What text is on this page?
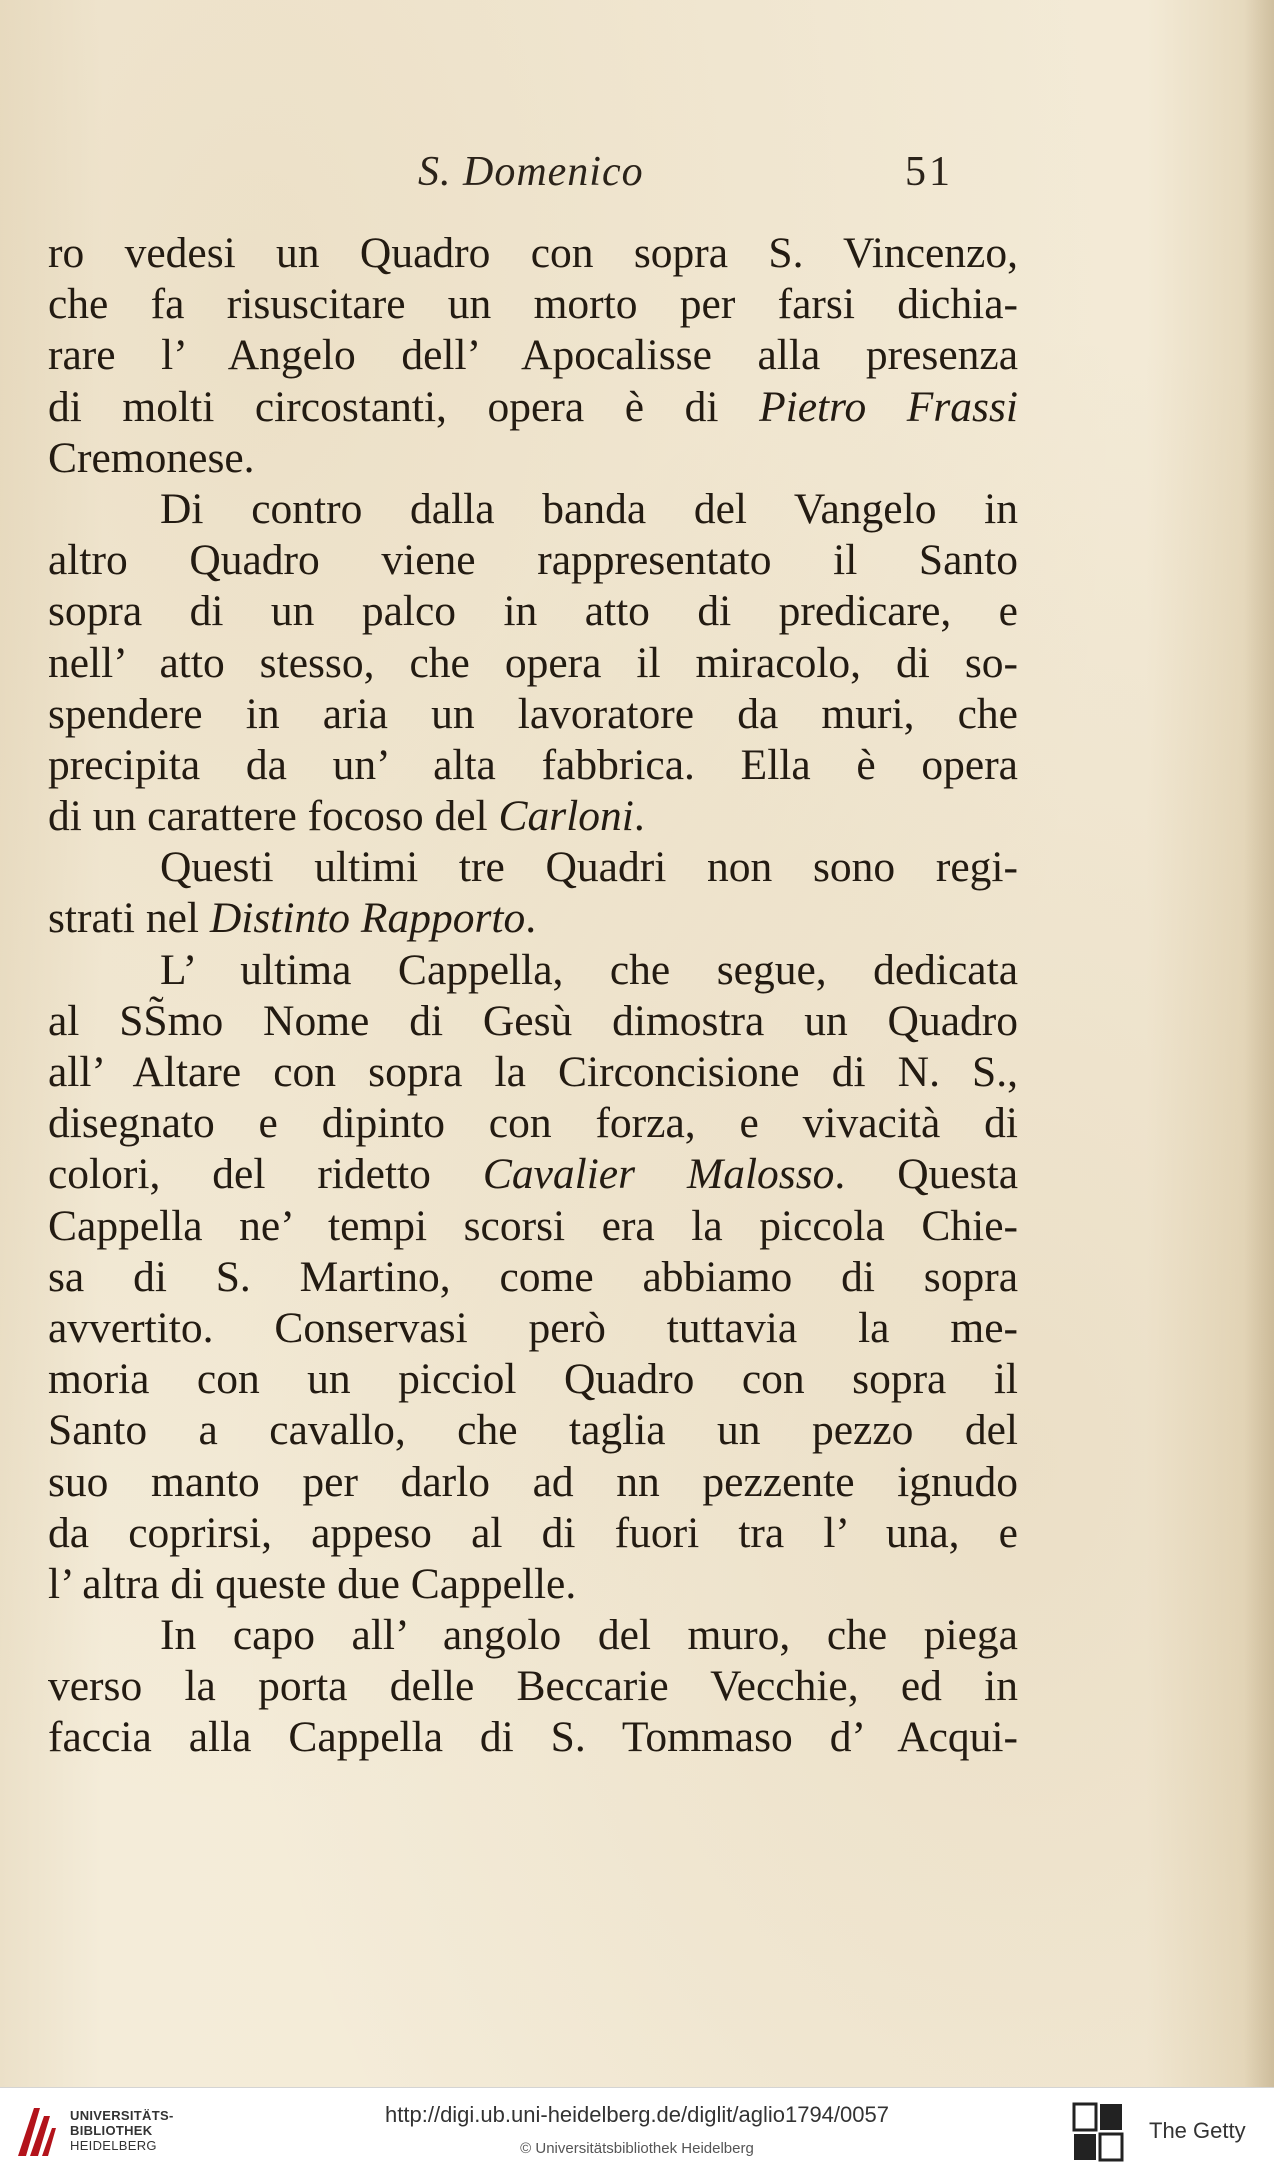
S. Domenico	51
ro vedesi un Quadro con sopra S. Vincenzo,
che fa risuscitare un morto per farsi dichia-
rare l’ Angelo dell’ Apocalisse alla presenza
di molti circostanti, opera è di Pietro Frassi
Cremonese.
Di contro dalla banda del Vangelo in
altro Quadro viene rappresentato il Santo
sopra di un palco in atto di predicare, e
nell’ atto stesso, che opera il miracolo, di so-
spendere in aria un lavoratore da muri, che
precipita da un’ alta fabbrica. Ella è opera
di un carattere focoso del Carloni.
Questi ultimi tre Quadri non sono regi-
strati nel Distinto Rapporto.
L’ ultima Cappella, che segue, dedicata
al SS̃mo Nome di Gesù dimostra un Quadro
all’ Altare con sopra la Circoncisione di N. S.,
disegnato e dipinto con forza, e vivacità di
colori, del ridetto Cavalier Malosso. Questa
Cappella ne’ tempi scorsi era la piccola Chie-
sa di S. Martino, come abbiamo di sopra
avvertito. Conservasi però tuttavia la me-
moria con un picciol Quadro con sopra il
Santo a cavallo, che taglia un pezzo del
suo manto per darlo ad nn pezzente ignudo
da coprirsi, appeso al di fuori tra l’ una, e
l’ altra di queste due Cappelle.
In capo all’ angolo del muro, che piega
verso la porta delle Beccarie Vecchie, ed in
faccia alla Cappella di S. Tommaso d’ Acqui-
UNIVERSITÄTS-
BIBLIOTHEK
HEIDELBERG
http://digi.ub.uni-heidelberg.de/diglit/aglio1794/0057
© Universitätsbibliothek Heidelberg
The Getty
